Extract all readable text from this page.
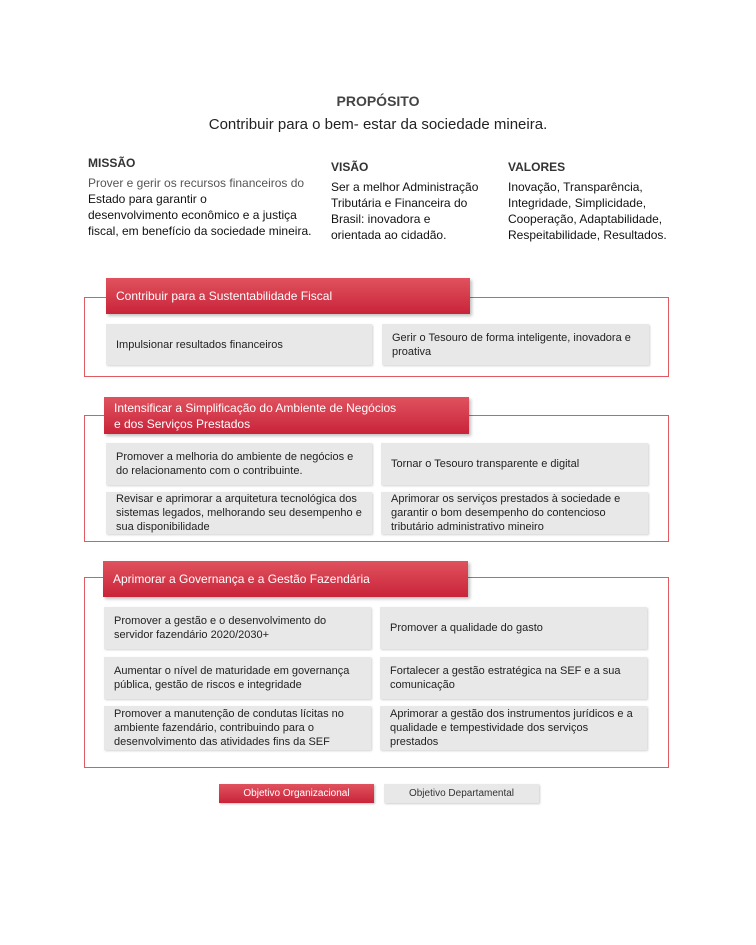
PROPÓSITO
Contribuir para o bem- estar da sociedade mineira.
MISSÃO
Prover e gerir os recursos financeiros do
Estado para garantir o
desenvolvimento econômico e a justiça
fiscal, em benefício da sociedade mineira.
VISÃO
Ser a melhor Administração
Tributária e Financeira do
Brasil: inovadora e
orientada ao cidadão.
VALORES
Inovação, Transparência,
Integridade, Simplicidade,
Cooperação, Adaptabilidade,
Respeitabilidade, Resultados.
Contribuir para a Sustentabilidade Fiscal
Impulsionar resultados financeiros
Gerir o Tesouro de forma inteligente, inovadora e proativa
Intensificar a Simplificação do Ambiente de Negócios
e dos Serviços Prestados
Promover a melhoria do ambiente de negócios e do relacionamento com o contribuinte.
Tornar o Tesouro transparente e digital
Revisar e aprimorar a arquitetura tecnológica dos sistemas legados, melhorando seu desempenho e sua disponibilidade
Aprimorar os serviços prestados à sociedade e garantir o bom desempenho do contencioso tributário administrativo mineiro
Aprimorar a Governança e a Gestão Fazendária
Promover a gestão e o desenvolvimento do servidor fazendário 2020/2030+
Promover a qualidade do gasto
Aumentar o nível de maturidade em governança pública, gestão de riscos e integridade
Fortalecer a gestão estratégica na SEF e a sua comunicação
Promover a manutenção de condutas lícitas no ambiente fazendário, contribuindo para o desenvolvimento das atividades fins da SEF
Aprimorar a gestão dos instrumentos jurídicos e a qualidade e tempestividade dos serviços prestados
Objetivo Organizacional	Objetivo Departamental
